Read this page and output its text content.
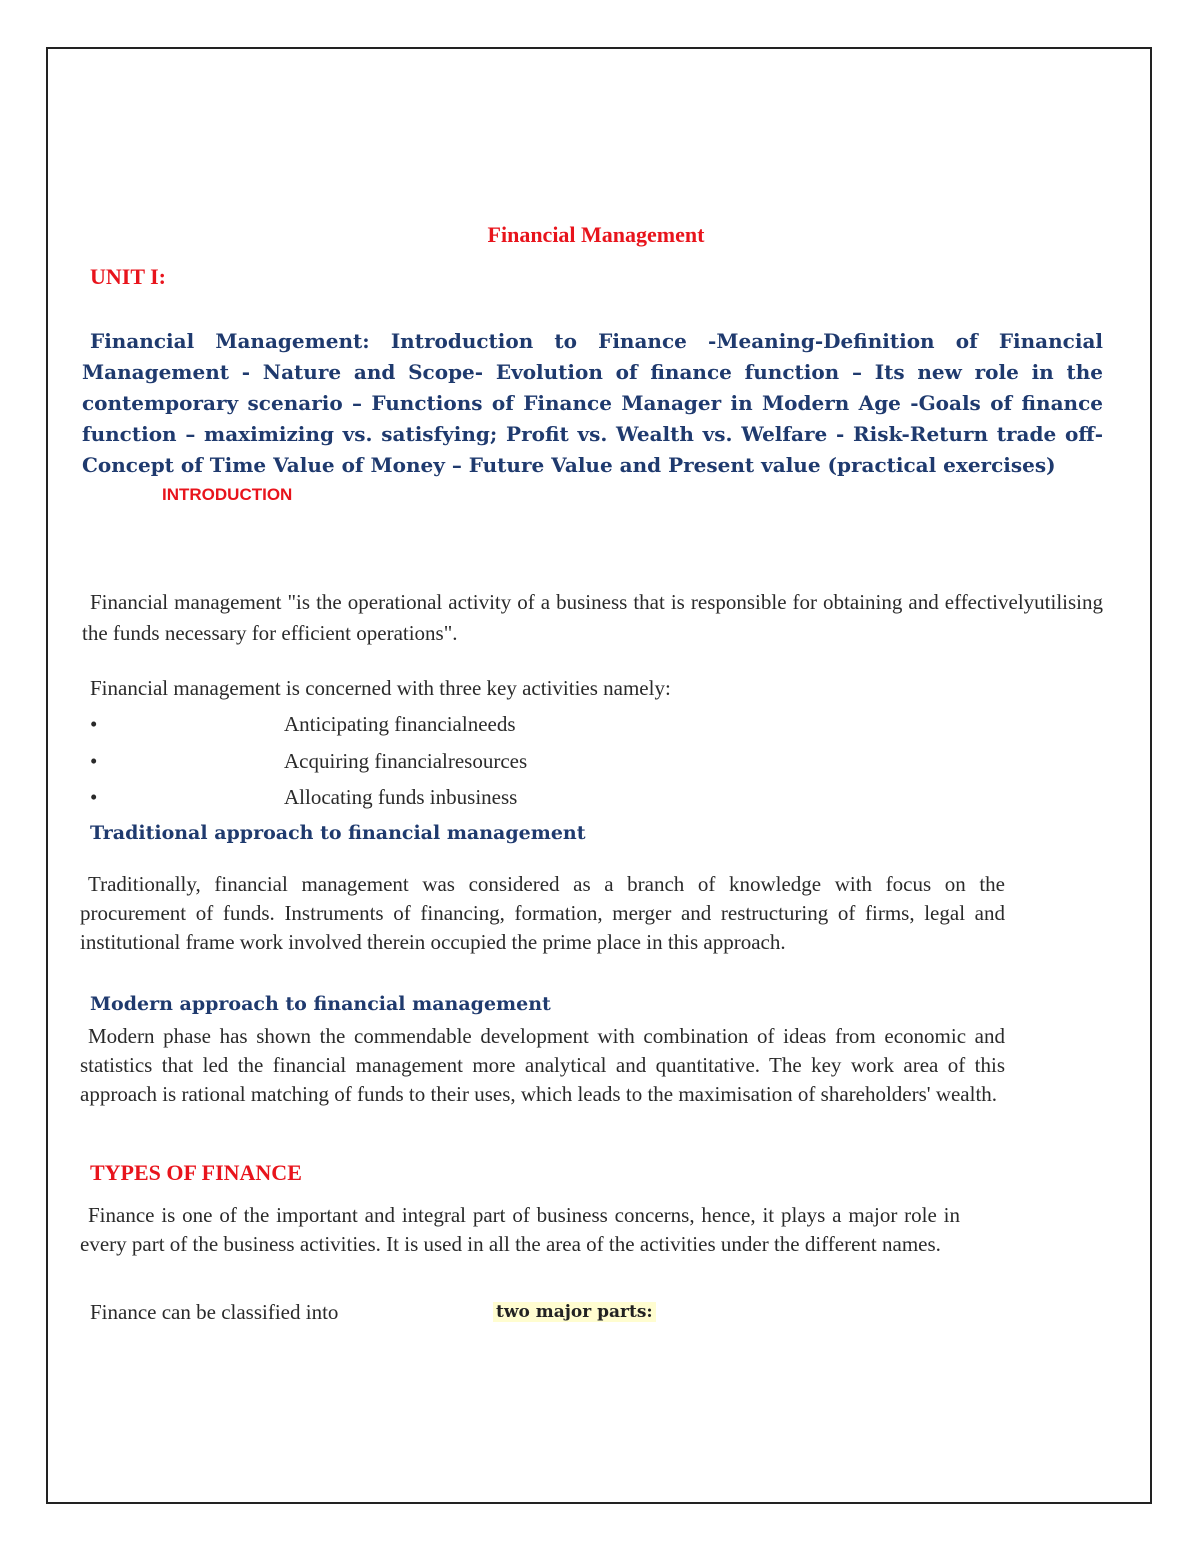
Financial Management
UNIT I:

Financial Management: Introduction to Finance -Meaning-Definition of Financial Management - Nature and Scope- Evolution of finance function – Its new role in the contemporary scenario – Functions of Finance Manager in Modern Age -Goals of finance function – maximizing vs. satisfying; Profit vs. Wealth vs. Welfare - Risk-Return trade off- Concept of Time Value of Money – Future Value and Present value (practical exercises)

INTRODUCTION

Financial management "is the operational activity of a business that is responsible for obtaining and effectivelyutilising the funds necessary for efficient operations".

Financial management is concerned with three key activities namely:
•	Anticipating financialneeds
•	Acquiring financialresources
•	Allocating funds inbusiness
Traditional approach to financial management

Traditionally, financial management was considered as a branch of knowledge with focus on the procurement of funds. Instruments of financing, formation, merger and restructuring of firms, legal and institutional frame work involved therein occupied the prime place in this approach.

Modern approach to financial management

Modern phase has shown the commendable development with combination of ideas from economic and statistics that led the financial management more analytical and quantitative. The key work area of this approach is rational matching of funds to their uses, which leads to the maximisation of shareholders' wealth.

TYPES OF FINANCE

Finance is one of the important and integral part of business concerns, hence, it plays a major role in every part of the business activities. It is used in all the area of the activities under the different names.

Finance can be classified into	two major parts:
